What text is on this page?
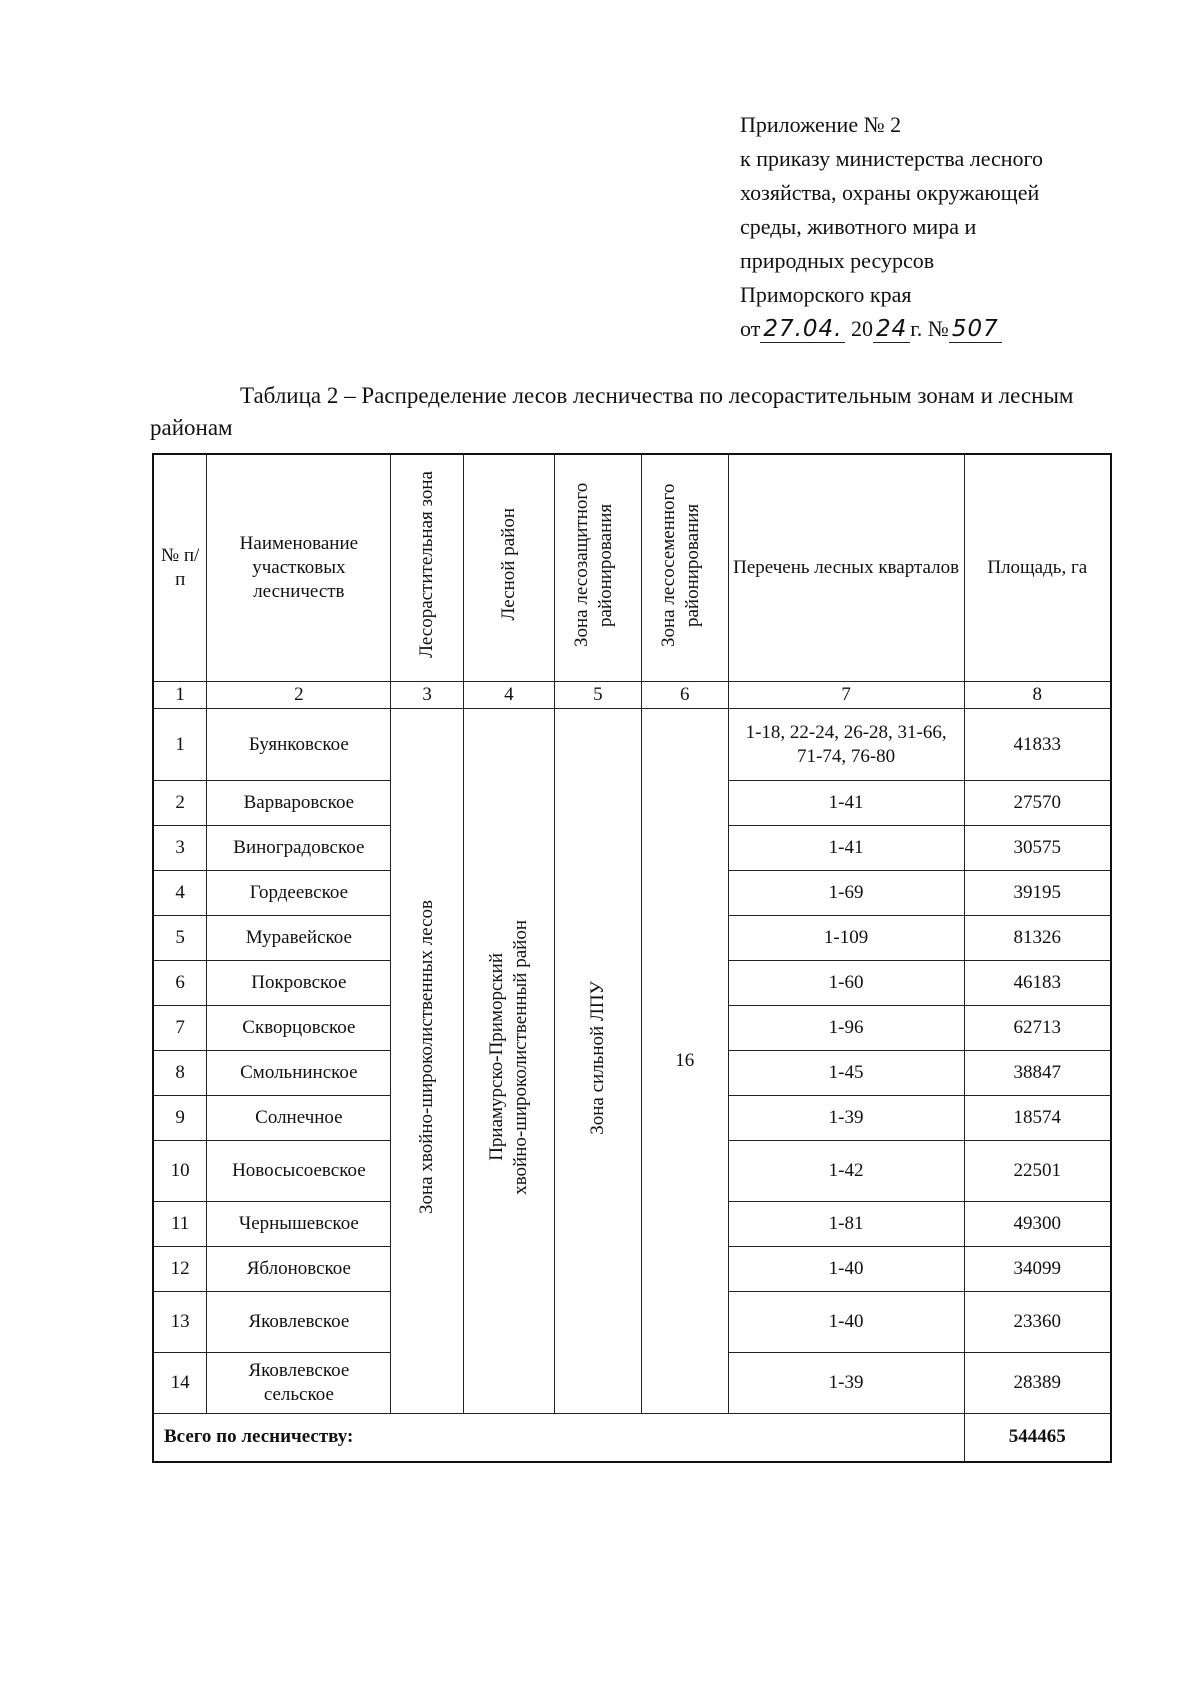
Приложение № 2
к приказу министерства лесного
хозяйства, охраны окружающей
среды, животного мира и
природных ресурсов
Приморского края
от 27.04. 20 24 г. № 507
Таблица 2 – Распределение лесов лесничества по лесорастительным зонам и лесным районам
№ п/п	Наименование участковых лесничеств	Лесорастительная зона	Лесной район	Зона лесозащитного районирования	Зона лесосеменного районирования	Перечень лесных кварталов	Площадь, га
1	2	3	4	5	6	7	8
1	Буянковское	Зона хвойно-широколиственных лесов	Приамурско-Приморский хвойно-широколиственный район	Зона сильной ЛПУ	16	1-18, 22-24, 26-28, 31-66, 71-74, 76-80	41833
2	Варваровское					1-41	27570
3	Виноградовское					1-41	30575
4	Гордеевское					1-69	39195
5	Муравейское					1-109	81326
6	Покровское					1-60	46183
7	Скворцовское					1-96	62713
8	Смольнинское					1-45	38847
9	Солнечное					1-39	18574
10	Новосысоевское					1-42	22501
11	Чернышевское					1-81	49300
12	Яблоновское					1-40	34099
13	Яковлевское					1-40	23360
14	Яковлевское сельское					1-39	28389
Всего по лесничеству:							544465
